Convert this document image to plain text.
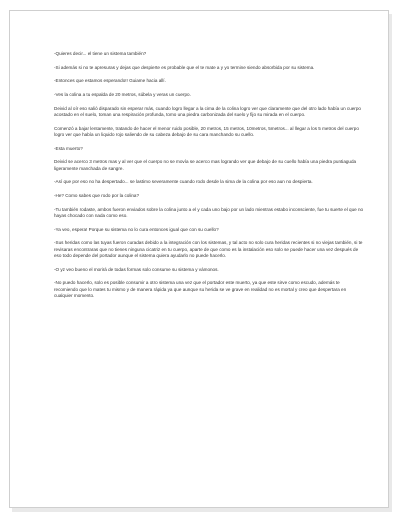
-Quieres decir... el tiene un sistema también?

-Si además si no te apresuras y dejas que despierte es probable que el te mate a y yo termine siendo absorbida por su sistema.

-Entonces que estamos esperando!! Guiame hacia allí.

-Ves la colina a tu espalda de 20 metros, súbela y veras un cuerpo.

Deivid al oír eso salió disparado sin esperar más, cuando logro llegar a la cima de la colina logro ver que claramente que del otro lado había un cuerpo acostado en el suelo, toman una respiración profunda, tomo una piedra carbonizada del suelo y fijo su mirada en el cuerpo.

Comenzó a bajar lentamente, tratando de hacer el menor ruido posible, 20 metros, 15 metros, 10metros, 5metros... al llegar a los 5 metros del cuerpo logro ver que había un liquido rojo saliendo de su cabeza debajo de su cara manchando su cuello.

-Esta muerto?

Deivid se acerco 3 metros mas y al ver que el cuerpo no se movía se acerco mas logrando ver que debajo de su cuello había una piedra puntiaguda ligeramente manchada de sangre.

-Así que por eso no ha despertado... se lastimo severamente cuando rodo desde la sima de la colina por eso aun no despierta.

-He? Como sabes que rodo por la colina?

-Tu también rodaste, ambos fueron enviados sobre la colina junto a el y cada uno bajo por un lado mientras estabo inconsciente, fue tu suerte el que no hayas chocado con nada como eso.

-Ya veo, espera! Porque su sistema no lo cura entonces igual que con su cuello?

-Sus heridas como las tuyas fueron curadas debido a la integración con los sistemas, y tal acto no solo cura heridas recientes si no viejas también, si te revisaras encontraras que no tienes ninguna cicatriz en tu cuerpo, aparte de que como es la instalación eso solo se puede hacer una vez después de eso todo depende del portador aunque el sistema quiera ayudarlo no puede hacerlo.

-O yz veo bueno el morirá de todas formas solo consume su sistema y vámonos.

-No puedo hacerlo, solo es posible consumir a otro sistema una vez que el portador este muerto, ya que este sirve como escudo, además te recomiendo que lo mates tu mismo y de manera rápida ya que aunque su herida se ve grave en realidad no es mortal y creo que despertara en cualquier momento.
